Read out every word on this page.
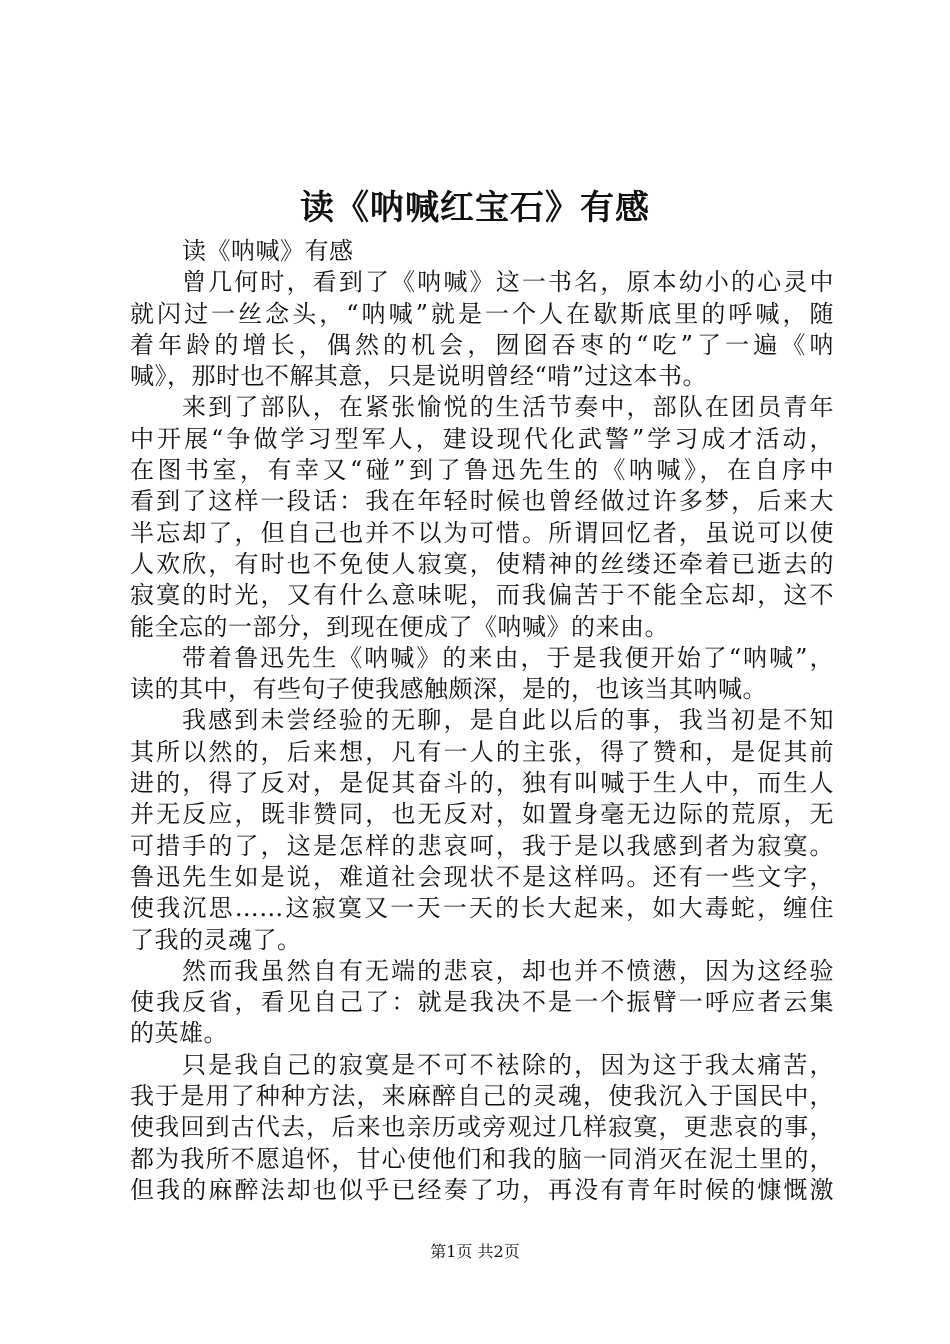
读《呐喊红宝石》有感
读《呐喊》有感
曾几何时，看到了《呐喊》这一书名，原本幼小的心灵中
就闪过一丝念头，“呐喊”就是一个人在歇斯底里的呼喊，随
着年龄的增长，偶然的机会，囫囵吞枣的“吃”了一遍《呐
喊》，那时也不解其意，只是说明曾经“啃”过这本书。
来到了部队，在紧张愉悦的生活节奏中，部队在团员青年
中开展“争做学习型军人，建设现代化武警”学习成才活动，
在图书室，有幸又“碰”到了鲁迅先生的《呐喊》，在自序中
看到了这样一段话：我在年轻时候也曾经做过许多梦，后来大
半忘却了，但自己也并不以为可惜。所谓回忆者，虽说可以使
人欢欣，有时也不免使人寂寞，使精神的丝缕还牵着已逝去的
寂寞的时光，又有什么意味呢，而我偏苦于不能全忘却，这不
能全忘的一部分，到现在便成了《呐喊》的来由。
带着鲁迅先生《呐喊》的来由，于是我便开始了“呐喊”，
读的其中，有些句子使我感触颇深，是的，也该当其呐喊。
我感到未尝经验的无聊，是自此以后的事，我当初是不知
其所以然的，后来想，凡有一人的主张，得了赞和，是促其前
进的，得了反对，是促其奋斗的，独有叫喊于生人中，而生人
并无反应，既非赞同，也无反对，如置身毫无边际的荒原，无
可措手的了，这是怎样的悲哀呵，我于是以我感到者为寂寞。
鲁迅先生如是说，难道社会现状不是这样吗。还有一些文字，
使我沉思……这寂寞又一天一天的长大起来，如大毒蛇，缠住
了我的灵魂了。
然而我虽然自有无端的悲哀，却也并不愤懑，因为这经验
使我反省，看见自己了：就是我决不是一个振臂一呼应者云集
的英雄。
只是我自己的寂寞是不可不袪除的，因为这于我太痛苦，
我于是用了种种方法，来麻醉自己的灵魂，使我沉入于国民中，
使我回到古代去，后来也亲历或旁观过几样寂寞，更悲哀的事，
都为我所不愿追怀，甘心使他们和我的脑一同消灭在泥土里的，
但我的麻醉法却也似乎已经奏了功，再没有青年时候的慷慨激
第1页 共2页
